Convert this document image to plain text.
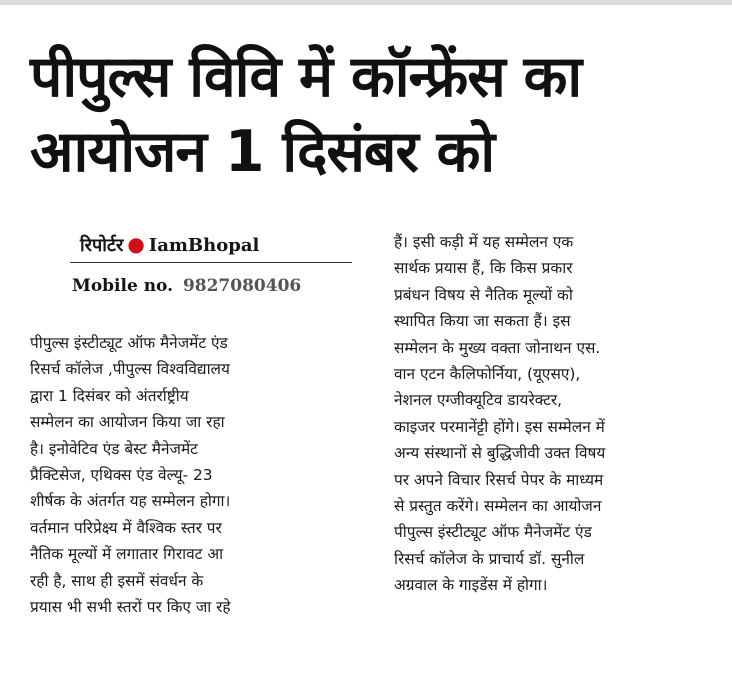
पीपुल्स विवि में कॉन्फ्रेंस का
आयोजन 1 दिसंबर को
रिपोर्टर ● IamBhopal
Mobile no. 9827080406
पीपुल्स इंस्टीट्यूट ऑफ मैनेजमेंट एंड
रिसर्च कॉलेज ,पीपुल्स विश्वविद्यालय
द्वारा 1 दिसंबर को अंतर्राष्ट्रीय
सम्मेलन का आयोजन किया जा रहा
है। इनोवेटिव एंड बेस्ट मैनेजमेंट
प्रैक्टिसेज, एथिक्स एंड वेल्यू- 23
शीर्षक के अंतर्गत यह सम्मेलन होगा।
वर्तमान परिप्रेक्ष्य में वैश्विक स्तर पर
नैतिक मूल्यों में लगातार गिरावट आ
रही है, साथ ही इसमें संवर्धन के
प्रयास भी सभी स्तरों पर किए जा रहे
हैं। इसी कड़ी में यह सम्मेलन एक
सार्थक प्रयास हैं, कि किस प्रकार
प्रबंधन विषय से नैतिक मूल्यों को
स्थापित किया जा सकता हैं। इस
सम्मेलन के मुख्य वक्ता जोनाथन एस.
वान एटन कैलिफोर्निया, (यूएसए),
नेशनल एग्जीक्यूटिव डायरेक्टर,
काइजर परमानेंट्टी होंगे। इस सम्मेलन में
अन्य संस्थानों से बुद्धिजीवी उक्त विषय
पर अपने विचार रिसर्च पेपर के माध्यम
से प्रस्तुत करेंगे। सम्मेलन का आयोजन
पीपुल्स इंस्टीट्यूट ऑफ मैनेजमेंट एंड
रिसर्च कॉलेज के प्राचार्य डॉ. सुनील
अग्रवाल के गाइडेंस में होगा।
